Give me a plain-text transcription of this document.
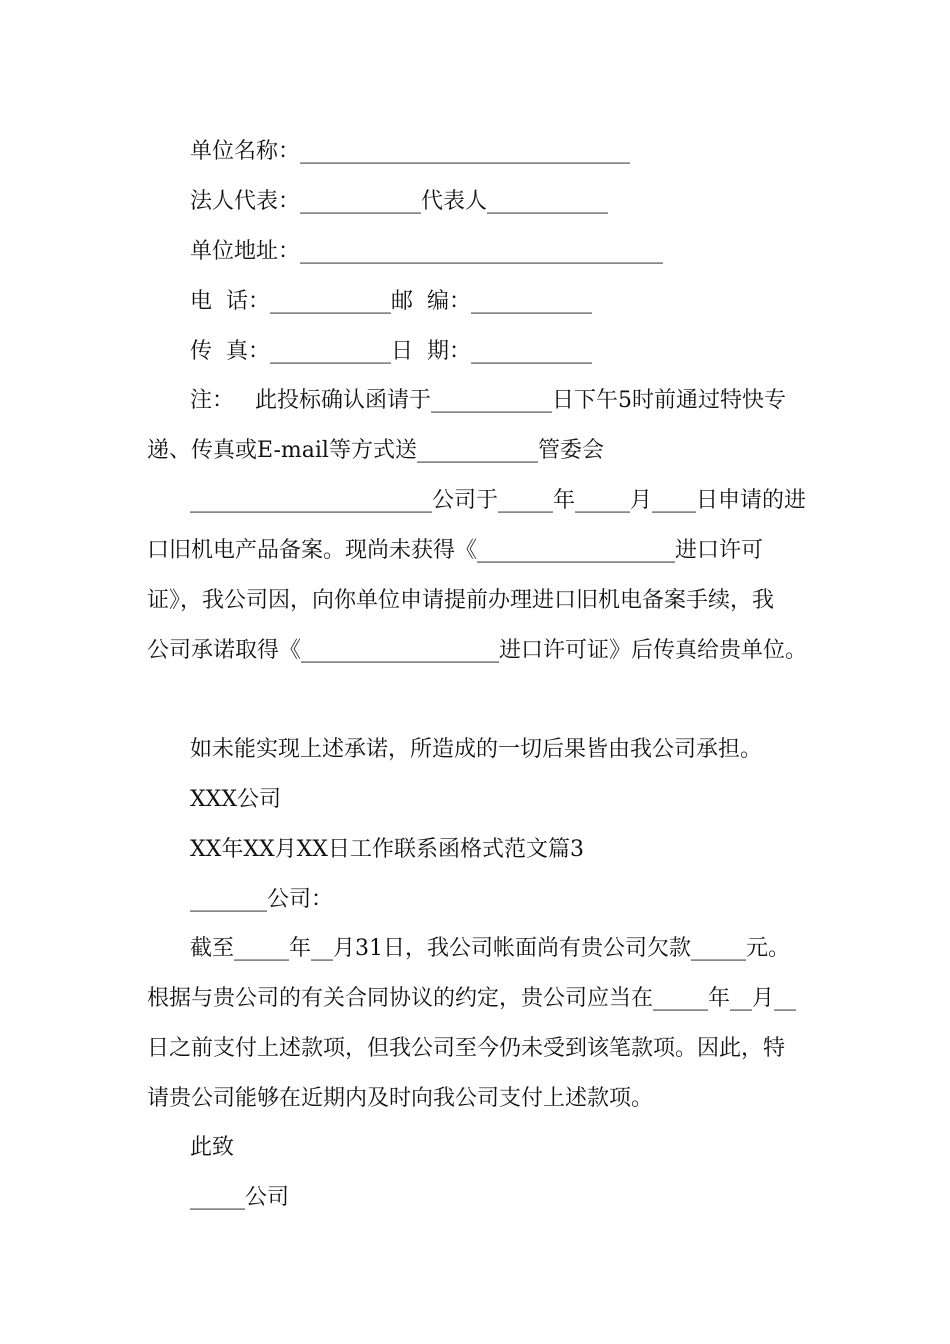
单位名称：______________________________
法人代表：___________代表人___________
单位地址：_________________________________
电  话：___________邮  编：___________
传  真：___________日  期：___________
注：   此投标确认函请于___________日下午5时前通过特快专
递、传真或E-mail等方式送___________管委会
______________________公司于_____年_____月____日申请的进
口旧机电产品备案。现尚未获得《__________________进口许可
证》，我公司因，向你单位申请提前办理进口旧机电备案手续，我
公司承诺取得《__________________进口许可证》后传真给贵单位。
如未能实现上述承诺，所造成的一切后果皆由我公司承担。
XXX公司
XX年XX月XX日工作联系函格式范文篇3
_______公司：
截至_____年__月31日，我公司帐面尚有贵公司欠款_____元。
根据与贵公司的有关合同协议的约定，贵公司应当在_____年__月__
日之前支付上述款项，但我公司至今仍未受到该笔款项。因此，特
请贵公司能够在近期内及时向我公司支付上述款项。
此致
_____公司
